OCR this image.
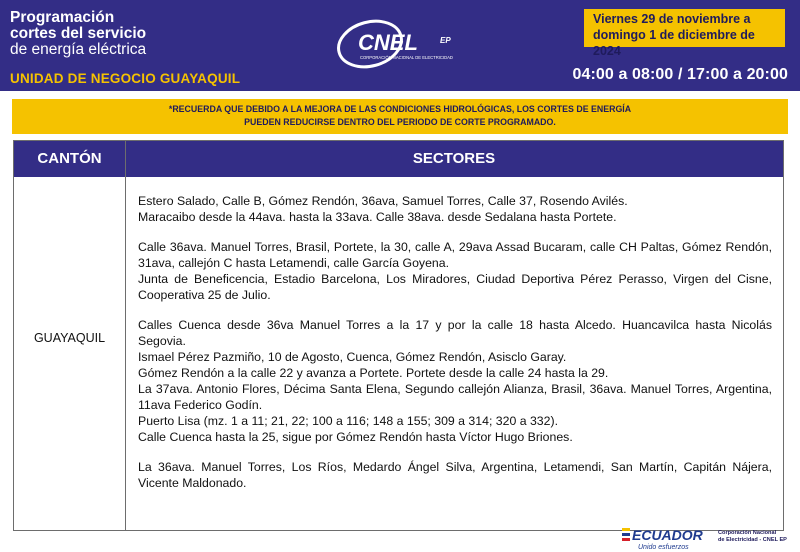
Programación
cortes del servicio
de energía eléctrica
UNIDAD DE NEGOCIO GUAYAQUIL
CNEL	EP
CORPORACIÓN NACIONAL DE ELECTRICIDAD
Viernes 29 de noviembre a
domingo 1 de diciembre de 2024
04:00 a 08:00 / 17:00 a 20:00
*RECUERDA QUE DEBIDO A LA MEJORA DE LAS CONDICIONES HIDROLÓGICAS, LOS CORTES DE ENERGÍA
PUEDEN REDUCIRSE DENTRO DEL PERIODO DE CORTE PROGRAMADO.
CANTÓN	SECTORES
GUAYAQUIL

Estero Salado, Calle B, Gómez Rendón, 36ava, Samuel Torres, Calle 37, Rosendo Avilés.

Maracaibo desde la 44ava. hasta la 33ava. Calle 38ava. desde Sedalana hasta Portete.

Calle 36ava. Manuel Torres, Brasil, Portete, la 30, calle A, 29ava Assad Bucaram, calle CH Paltas, Gómez Rendón, 31ava, callejón C hasta Letamendi, calle García Goyena.

Junta de Beneficencia, Estadio Barcelona, Los Miradores, Ciudad Deportiva Pérez Perasso, Virgen del Cisne, Cooperativa 25 de Julio.

Calles Cuenca desde 36va Manuel Torres a la 17 y por la calle 18 hasta Alcedo. Huancavilca hasta Nicolás Segovia.

Ismael Pérez Pazmiño, 10 de Agosto, Cuenca, Gómez Rendón, Asisclo Garay.

Gómez Rendón a la calle 22 y avanza a Portete. Portete desde la calle 24 hasta la 29.

La 37ava. Antonio Flores, Décima Santa Elena, Segundo callejón Alianza, Brasil, 36ava. Manuel Torres, Argentina, 11ava Federico Godín.

Puerto Lisa (mz. 1 a 11; 21, 22; 100 a 116; 148 a 155; 309 a 314; 320 a 332).

Calle Cuenca hasta la 25, sigue por Gómez Rendón hasta Víctor Hugo Briones.

La 36ava. Manuel Torres, Los Ríos, Medardo Ángel Silva, Argentina, Letamendi, San Martín, Capitán Nájera, Vicente Maldonado.

ECUADOR
Unido esfuerzos
Corporación Nacional
de Electricidad - CNEL EP
